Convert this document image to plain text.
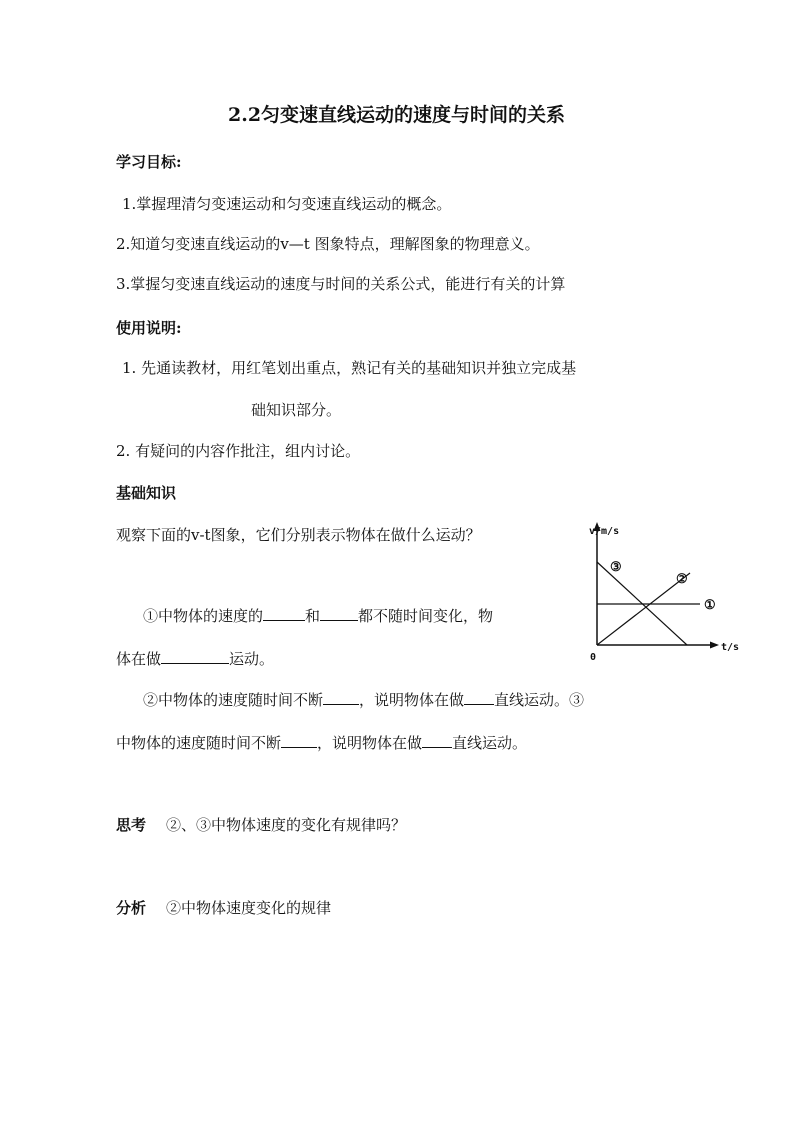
2.2匀变速直线运动的速度与时间的关系
学习目标:
1.掌握理清匀变速运动和匀变速直线运动的概念。
2.知道匀变速直线运动的v—t 图象特点，理解图象的物理意义。
3.掌握匀变速直线运动的速度与时间的关系公式，能进行有关的计算
使用说明:
1. 先通读教材，用红笔划出重点，熟记有关的基础知识并独立完成基
础知识部分。
2. 有疑问的内容作批注，组内讨论。
基础知识
观察下面的v-t图象，它们分别表示物体在做什么运动？
①中物体的速度的	和	都不随时间变化，物
体在做	运动。
②中物体的速度随时间不断 ，说明物体在做 直线运动。③
中物体的速度随时间不断 ，说明物体在做 直线运动。
思考 ②、③中物体速度的变化有规律吗？
分析 ②中物体速度变化的规律
v/m/s
t/s
0
①
②
③
